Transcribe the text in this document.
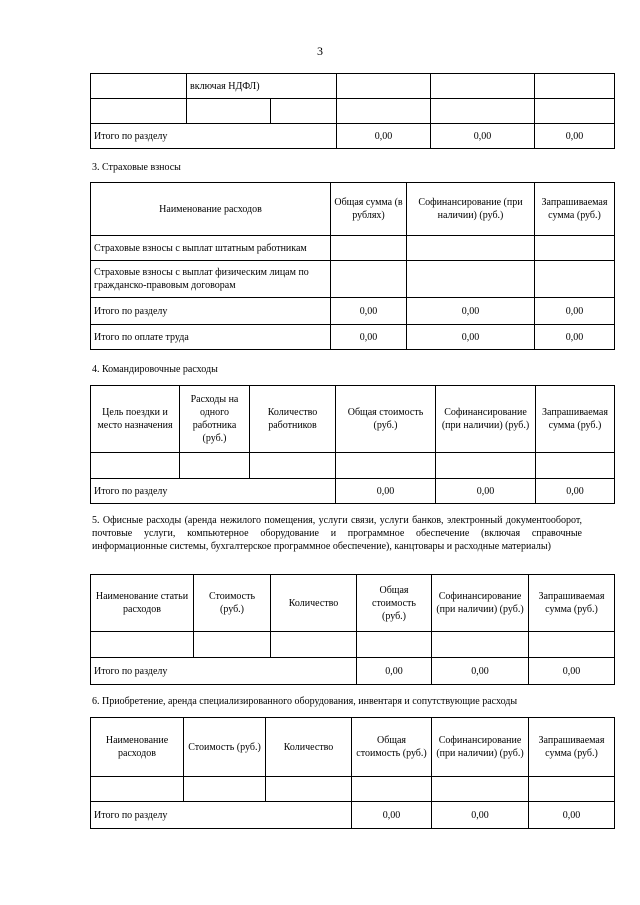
3
	включая НДФЛ)				

Итого по разделу			0,00	0,00	0,00
3. Страховые взносы
Наименование расходов	Общая сумма (в рублях)	Софинансирование (при наличии) (руб.)	Запрашиваемая сумма (руб.)
Страховые взносы с выплат штатным работникам			
Страховые взносы с выплат физическим лицам по гражданско-правовым договорам			
Итого по разделу	0,00	0,00	0,00
Итого по оплате труда	0,00	0,00	0,00
4. Командировочные расходы
Цель поездки и место назначения	Расходы на одного работника (руб.)	Количество работников	Общая стоимость (руб.)	Софинансирование (при наличии) (руб.)	Запрашиваемая сумма (руб.)

Итого по разделу			0,00	0,00	0,00
5. Офисные расходы (аренда нежилого помещения, услуги связи, услуги банков, электронный документооборот, почтовые услуги, компьютерное оборудование и программное обеспечение (включая справочные информационные системы, бухгалтерское программное обеспечение), канцтовары и расходные материалы)
Наименование статьи расходов	Стоимость (руб.)	Количество	Общая стоимость (руб.)	Софинансирование (при наличии) (руб.)	Запрашиваемая сумма (руб.)

Итого по разделу			0,00	0,00	0,00
6. Приобретение, аренда специализированного оборудования, инвентаря и сопутствующие расходы
Наименование расходов	Стоимость (руб.)	Количество	Общая стоимость (руб.)	Софинансирование (при наличии) (руб.)	Запрашиваемая сумма (руб.)

Итого по разделу			0,00	0,00	0,00
